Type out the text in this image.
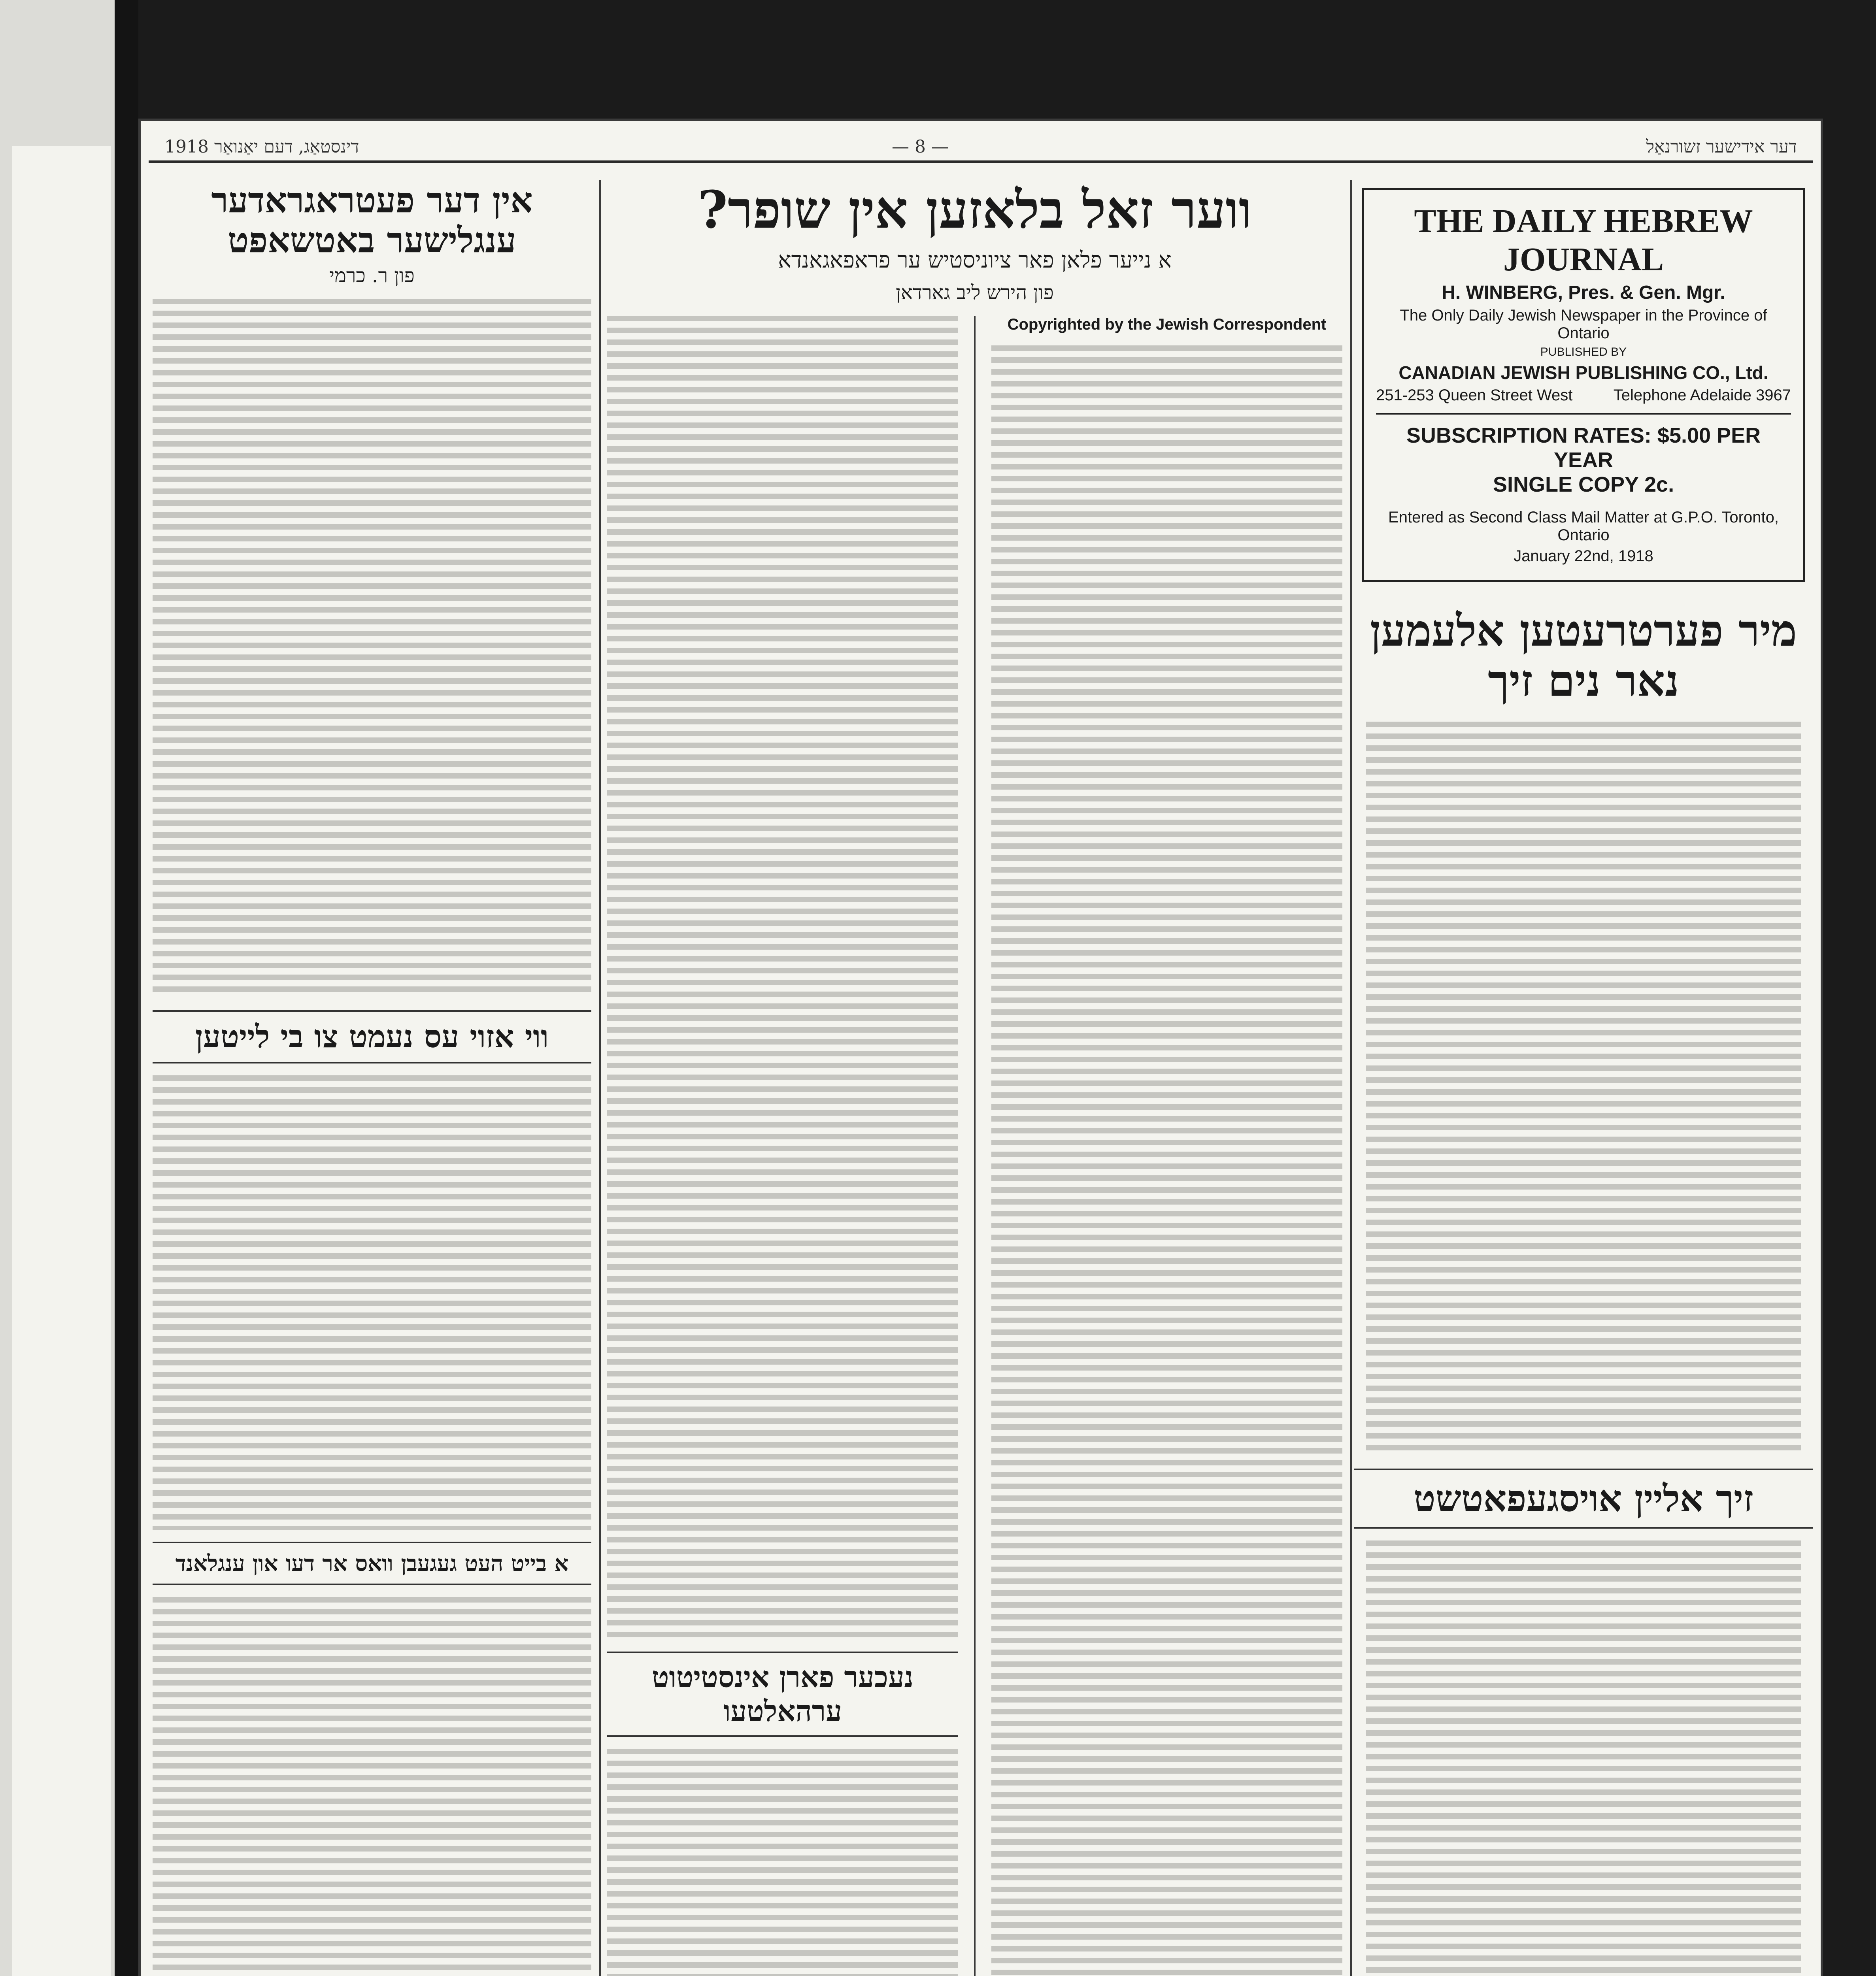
דער אידישער זשורנאַל
— 8 —
דינסטאַג, דעם יאַנואַר 1918
THE DAILY HEBREW JOURNAL
H. WINBERG, Pres. & Gen. Mgr.
The Only Daily Jewish Newspaper in the Province of Ontario
PUBLISHED BY
CANADIAN JEWISH PUBLISHING CO., Ltd.
251-253 Queen Street West	Telephone Adelaide 3967
SUBSCRIPTION RATES: $5.00 PER YEAR
SINGLE COPY 2c.
Entered as Second Class Mail Matter at G.P.O. Toronto, Ontario
January 22nd, 1918
מיר פערטרעטען אלעמען נאר נים זיך
זיך אליין אויסגעפאטשט
ווער זאל בלאזען אין שופר?
א נייער פלאן פאר ציוניסטיש ער פראפאגאנדא
פון הירש ליב גארדאן
נעכער פארן אינסטיטוט ערהאלטעו
Copyrighted by the Jewish Correspondent
אין דער פעטראגראדער ענגלישער באטשאפט
פון ר. כרמי
ווי אזוי עס נעמט צו בי לייטען
א בייט העט געגעבן וואס אר דעו און ענגלאנד
